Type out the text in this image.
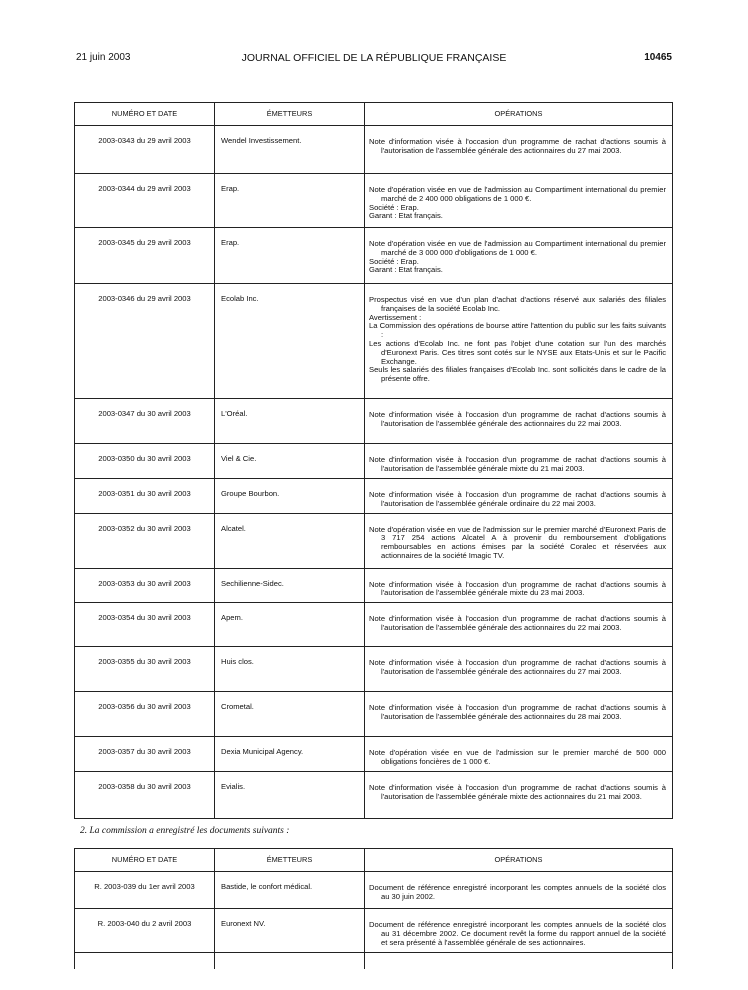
21 juin 2003	JOURNAL OFFICIEL DE LA RÉPUBLIQUE FRANÇAISE	10465
NUMÉRO ET DATE	ÉMETTEURS	OPÉRATIONS
2003-0343 du 29 avril 2003	Wendel Investissement.	Note d'information visée à l'occasion d'un programme de rachat d'actions soumis à l'autorisation de l'assemblée générale des actionnaires du 27 mai 2003.

2003-0344 du 29 avril 2003	Erap.	Note d'opération visée en vue de l'admission au Compartiment international du premier marché de 2 400 000 obligations de 1 000 €.

Société : Erap.

Garant : Etat français.

2003-0345 du 29 avril 2003	Erap.	Note d'opération visée en vue de l'admission au Compartiment international du premier marché de 3 000 000 d'obligations de 1 000 €.

Société : Erap.

Garant : Etat français.

2003-0346 du 29 avril 2003	Ecolab Inc.	Prospectus visé en vue d'un plan d'achat d'actions réservé aux salariés des filiales françaises de la société Ecolab Inc.

Avertissement :

La Commission des opérations de bourse attire l'attention du public sur les faits suivants :

Les actions d'Ecolab Inc. ne font pas l'objet d'une cotation sur l'un des marchés d'Euronext Paris. Ces titres sont cotés sur le NYSE aux Etats-Unis et sur le Pacific Exchange.

Seuls les salariés des filiales françaises d'Ecolab Inc. sont sollicités dans le cadre de la présente offre.

2003-0347 du 30 avril 2003	L'Oréal.	Note d'information visée à l'occasion d'un programme de rachat d'actions soumis à l'autorisation de l'assemblée générale des actionnaires du 22 mai 2003.

2003-0350 du 30 avril 2003	Viel & Cie.	Note d'information visée à l'occasion d'un programme de rachat d'actions soumis à l'autorisation de l'assemblée générale mixte du 21 mai 2003.

2003-0351 du 30 avril 2003	Groupe Bourbon.	Note d'information visée à l'occasion d'un programme de rachat d'actions soumis à l'autorisation de l'assemblée générale ordinaire du 22 mai 2003.

2003-0352 du 30 avril 2003	Alcatel.	Note d'opération visée en vue de l'admission sur le premier marché d'Euronext Paris de 3 717 254 actions Alcatel A à provenir du remboursement d'obligations remboursables en actions émises par la société Coralec et réservées aux actionnaires de la société Imagic TV.

2003-0353 du 30 avril 2003	Sechilienne-Sidec.	Note d'information visée à l'occasion d'un programme de rachat d'actions soumis à l'autorisation de l'assemblée générale mixte du 23 mai 2003.

2003-0354 du 30 avril 2003	Apem.	Note d'information visée à l'occasion d'un programme de rachat d'actions soumis à l'autorisation de l'assemblée générale des actionnaires du 22 mai 2003.

2003-0355 du 30 avril 2003	Huis clos.	Note d'information visée à l'occasion d'un programme de rachat d'actions soumis à l'autorisation de l'assemblée générale des actionnaires du 27 mai 2003.

2003-0356 du 30 avril 2003	Crometal.	Note d'information visée à l'occasion d'un programme de rachat d'actions soumis à l'autorisation de l'assemblée générale des actionnaires du 28 mai 2003.

2003-0357 du 30 avril 2003	Dexia Municipal Agency.	Note d'opération visée en vue de l'admission sur le premier marché de 500 000 obligations foncières de 1 000 €.

2003-0358 du 30 avril 2003	Evialis.	Note d'information visée à l'occasion d'un programme de rachat d'actions soumis à l'autorisation de l'assemblée générale mixte des actionnaires du 21 mai 2003.

2. La commission a enregistré les documents suivants :
NUMÉRO ET DATE	ÉMETTEURS	OPÉRATIONS
R. 2003-039 du 1er avril 2003	Bastide, le confort médical.	Document de référence enregistré incorporant les comptes annuels de la société clos au 30 juin 2002.

R. 2003-040 du 2 avril 2003	Euronext NV.	Document de référence enregistré incorporant les comptes annuels de la société clos au 31 décembre 2002. Ce document revêt la forme du rapport annuel de la société et sera présenté à l'assemblée générale de ses actionnaires.
